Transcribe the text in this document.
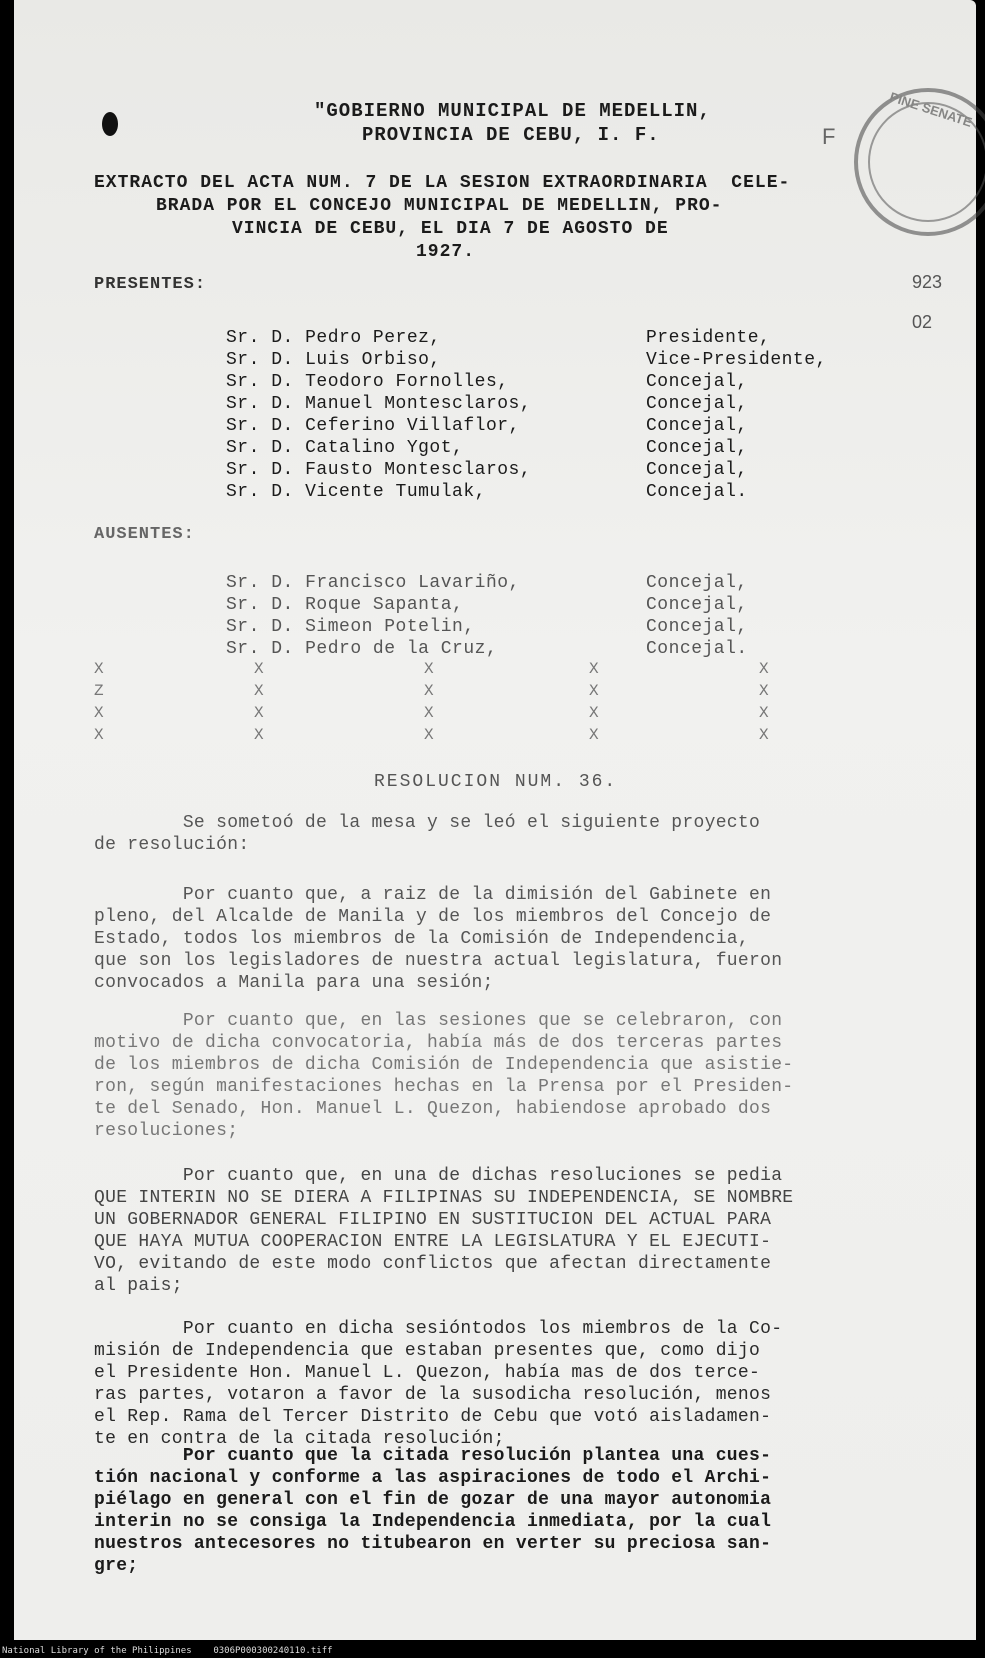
PINE SENATE
F
923
02
"GOBIERNO MUNICIPAL DE MEDELLIN,
PROVINCIA DE CEBU, I. F.
EXTRACTO DEL ACTA NUM. 7 DE LA SESION EXTRAORDINARIA  CELE-
BRADA POR EL CONCEJO MUNICIPAL DE MEDELLIN, PRO-
VINCIA DE CEBU, EL DIA 7 DE AGOSTO DE
1927.
PRESENTES:
Sr. D. Pedro Perez,	Presidente,
Sr. D. Luis Orbiso,	Vice-Presidente,
Sr. D. Teodoro Fornolles,	Concejal,
Sr. D. Manuel Montesclaros,	Concejal,
Sr. D. Ceferino Villaflor,	Concejal,
Sr. D. Catalino Ygot,	Concejal,
Sr. D. Fausto Montesclaros,	Concejal,
Sr. D. Vicente Tumulak,	Concejal.
AUSENTES:
Sr. D. Francisco Lavariño,	Concejal,
Sr. D. Roque Sapanta,	Concejal,
Sr. D. Simeon Potelin,	Concejal,
Sr. D. Pedro de la Cruz,	Concejal.
X	X	X	X	X
Z	X	X	X	X
X	X	X	X	X
X	X	X	X	X
RESOLUCION NUM. 36.
Se sometoó de la mesa y se leó el siguiente proyecto
de resolución:
Por cuanto que, a raiz de la dimisión del Gabinete en
pleno, del Alcalde de Manila y de los miembros del Concejo de
Estado, todos los miembros de la Comisión de Independencia,
que son los legisladores de nuestra actual legislatura, fueron
convocados a Manila para una sesión;
Por cuanto que, en las sesiones que se celebraron, con
motivo de dicha convocatoria, había más de dos terceras partes
de los miembros de dicha Comisión de Independencia que asistie-
ron, según manifestaciones hechas en la Prensa por el Presiden-
te del Senado, Hon. Manuel L. Quezon, habiendose aprobado dos
resoluciones;
Por cuanto que, en una de dichas resoluciones se pedia
QUE INTERIN NO SE DIERA A FILIPINAS SU INDEPENDENCIA, SE NOMBRE
UN GOBERNADOR GENERAL FILIPINO EN SUSTITUCION DEL ACTUAL PARA
QUE HAYA MUTUA COOPERACION ENTRE LA LEGISLATURA Y EL EJECUTI-
VO, evitando de este modo conflictos que afectan directamente
al pais;
Por cuanto en dicha sesióntodos los miembros de la Co-
misión de Independencia que estaban presentes que, como dijo
el Presidente Hon. Manuel L. Quezon, había mas de dos terce-
ras partes, votaron a favor de la susodicha resolución, menos
el Rep. Rama del Tercer Distrito de Cebu que votó aisladamen-
te en contra de la citada resolución;
Por cuanto que la citada resolución plantea una cues-
tión nacional y conforme a las aspiraciones de todo el Archi-
piélago en general con el fin de gozar de una mayor autonomia
interin no se consiga la Independencia inmediata, por la cual
nuestros antecesores no titubearon en verter su preciosa san-
gre;
National Library of the Philippines    0306P000300240110.tiff
